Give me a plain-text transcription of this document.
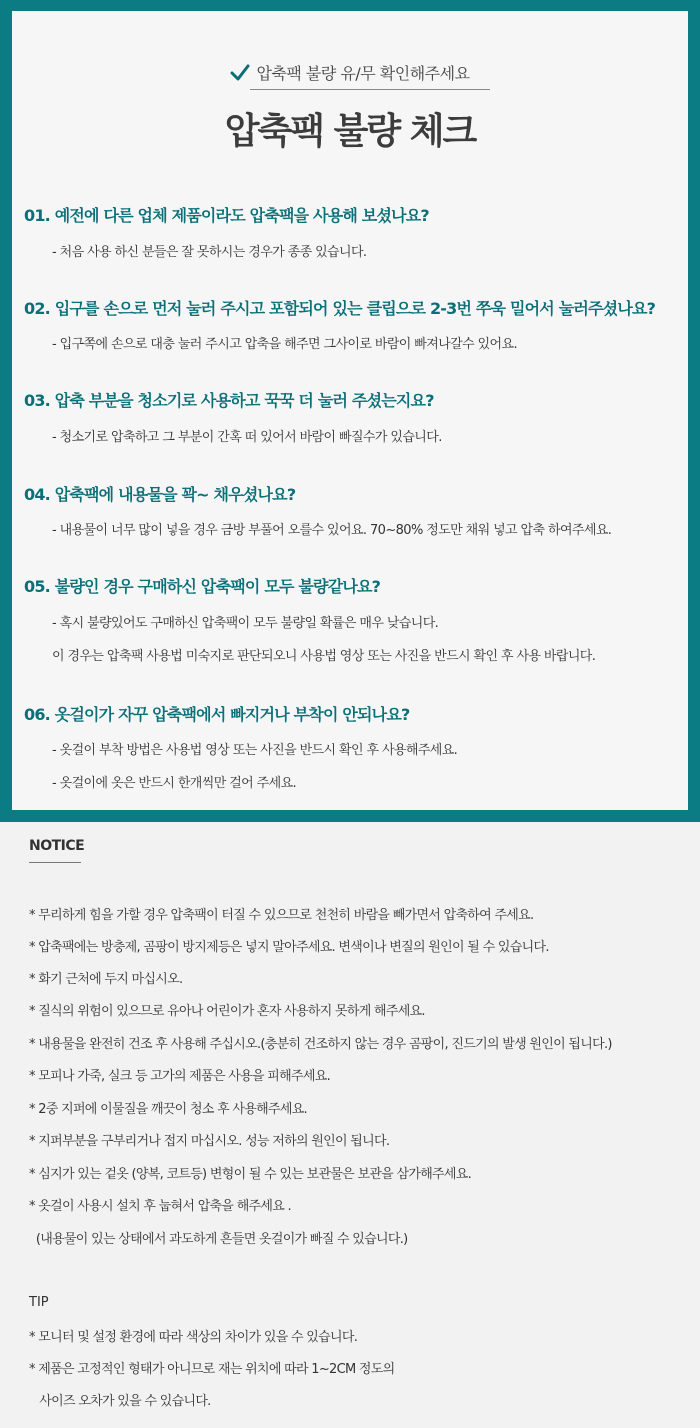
압축팩 불량 유/무 확인해주세요
압축팩 불량 체크
01. 예전에 다른 업체 제품이라도 압축팩을 사용해 보셨나요?
- 처음 사용 하신 분들은 잘 못하시는 경우가 종종 있습니다.
02. 입구를 손으로 먼저 눌러 주시고 포함되어 있는 클립으로 2-3번 쭈욱 밀어서 눌러주셨나요?
- 입구쪽에 손으로 대충 눌러 주시고 압축을 해주면 그사이로 바람이 빠져나갈수 있어요.
03. 압축 부분을 청소기로 사용하고 꾹꾹 더 눌러 주셨는지요?
- 청소기로 압축하고 그 부분이 간혹 떠 있어서 바람이 빠질수가 있습니다.
04. 압축팩에 내용물을 꽉~ 채우셨나요?
- 내용물이 너무 많이 넣을 경우 금방 부풀어 오를수 있어요. 70~80% 정도만 채워 넣고 압축 하여주세요.
05. 불량인 경우 구매하신 압축팩이 모두 불량같나요?
- 혹시 불량있어도 구매하신 압축팩이 모두 불량일 확률은 매우 낮습니다.
이 경우는 압축팩 사용법 미숙지로 판단되오니 사용법 영상 또는 사진을 반드시 확인 후 사용 바랍니다.
06. 옷걸이가 자꾸 압축팩에서 빠지거나 부착이 안되나요?
- 옷걸이 부착 방법은 사용법 영상 또는 사진을 반드시 확인 후 사용해주세요.
- 옷걸이에 옷은 반드시 한개씩만 걸어 주세요.
NOTICE
* 무리하게 힘을 가할 경우 압축팩이 터질 수 있으므로 천천히 바람을 빼가면서 압축하여 주세요.
* 압축팩에는 방충제, 곰팡이 방지제등은 넣지 말아주세요. 변색이나 변질의 원인이 될 수 있습니다.
* 화기 근처에 두지 마십시오.
* 질식의 위험이 있으므로 유아나 어린이가 혼자 사용하지 못하게 해주세요.
* 내용물을 완전히 건조 후 사용해 주십시오.(충분히 건조하지 않는 경우 곰팡이, 진드기의 발생 원인이 됩니다.)
* 모피나 가죽, 실크 등 고가의 제품은 사용을 피해주세요.
* 2중 지퍼에 이물질을 깨끗이 청소 후 사용해주세요.
* 지퍼부분을 구부리거나 접지 마십시오. 성능 저하의 원인이 됩니다.
* 심지가 있는 겉옷 (양복, 코트등) 변형이 될 수 있는 보관물은 보관을 삼가해주세요.
* 옷걸이 사용시 설치 후 눕혀서 압축을 해주세요 .
(내용물이 있는 상태에서 과도하게 흔들면 옷걸이가 빠질 수 있습니다.)
TIP
* 모니터 및 설정 환경에 따라 색상의 차이가 있을 수 있습니다.
* 제품은 고정적인 형태가 아니므로 재는 위치에 따라 1~2CM 정도의
사이즈 오차가 있을 수 있습니다.
